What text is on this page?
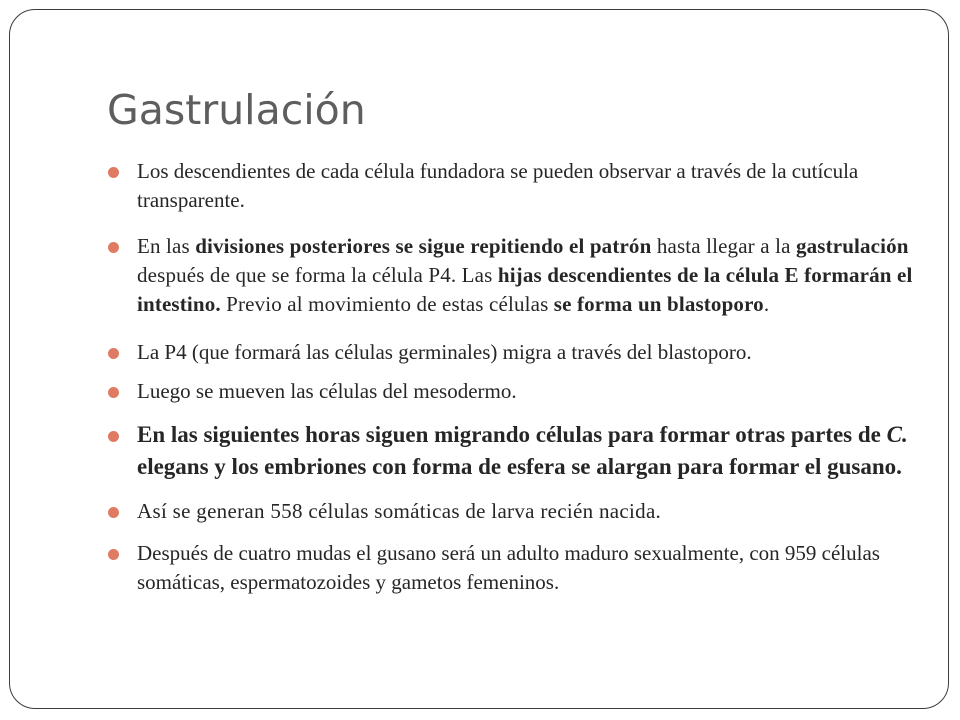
Gastrulación
Los descendientes de cada célula fundadora se pueden observar a través de la cutícula transparente.
En las divisiones posteriores se sigue repitiendo el patrón hasta llegar a la gastrulación después de que se forma la célula P4. Las hijas descendientes de la célula E formarán el intestino. Previo al movimiento de estas células se forma un blastoporo.
La P4 (que formará las células germinales) migra a través del blastoporo.
Luego se mueven las células del mesodermo.
En las siguientes horas siguen migrando células para formar otras partes de C. elegans y los embriones con forma de esfera se alargan para formar el gusano.
Así se generan 558 células somáticas de larva recién nacida.
Después de cuatro mudas el gusano será un adulto maduro sexualmente, con 959 células somáticas, espermatozoides y gametos femeninos.
